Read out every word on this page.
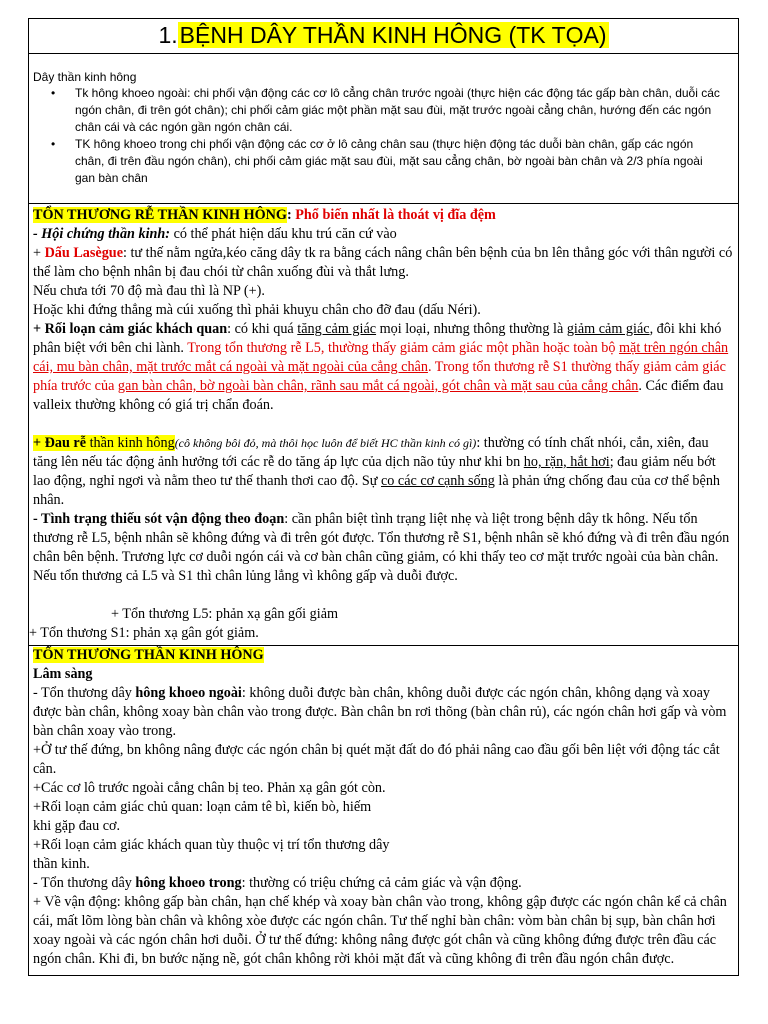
1.BỆNH DÂY THẦN KINH HÔNG (TK TỌA)
Dây thần kinh hông
• Tk hông khoeo ngoài: chi phối vận động các cơ lô cẳng chân trước ngoài (thực hiện các động tác gấp bàn chân, duỗi các ngón chân, đi trên gót chân); chi phối cảm giác một phần mặt sau đùi, mặt trước ngoài cẳng chân, hướng đến các ngón chân cái và các ngón gần ngón chân cái.
• TK hông khoeo trong chi phối vận động các cơ ở lô cảng chân sau (thực hiện động tác duỗi bàn chân, gấp các ngón chân, đi trên đầu ngón chân), chi phối cảm giác mặt sau đùi, mặt sau cẳng chân, bờ ngoài bàn chân và 2/3 phía ngoài gan bàn chân
TỔN THƯƠNG RỄ THẦN KINH HÔNG: Phổ biến nhất là thoát vị đĩa đệm
- Hội chứng thần kinh: có thể phát hiện dấu khu trú căn cứ vào
+ Dấu Lasègue: tư thế nằm ngửa,kéo căng dây tk ra bằng cách nâng chân bên bệnh của bn lên thẳng góc với thân người có thể làm cho bệnh nhân bị đau chói từ chân xuống đùi và thắt lưng.
Nếu chưa tới 70 độ mà đau thì là NP (+).
Hoặc khi đứng thẳng mà cúi xuống thì phải khuỵu chân cho đỡ đau (dấu Néri).
+ Rối loạn cảm giác khách quan: có khi quá tăng cảm giác mọi loại, nhưng thông thường là giảm cảm giác, đôi khi khó phân biệt với bên chi lành. Trong tổn thương rễ L5, thường thấy giảm cảm giác một phần hoặc toàn bộ mặt trên ngón chân cái, mu bàn chân, mặt trước mắt cá ngoài và mặt ngoài của cẳng chân. Trong tổn thương rễ S1 thường thấy giảm cảm giác phía trước của gan bàn chân, bờ ngoài bàn chân, rãnh sau mắt cá ngoài, gót chân và mặt sau của cẳng chân. Các điểm đau valleix thường không có giá trị chẩn đoán.
+ Đau rễ thần kinh hông(cô không bôi đỏ, mà thôi học luôn để biết HC thần kinh có gì): thường có tính chất nhói, cắn, xiên, đau tăng lên nếu tác động ảnh hưởng tới các rễ do tăng áp lực của dịch não tủy như khi bn ho, rặn, hắt hơi; đau giảm nếu bớt lao động, nghỉ ngơi và nằm theo tư thế thanh thơi cao độ. Sự co các cơ cạnh sống là phản ứng chống đau của cơ thể bệnh nhân.
- Tình trạng thiếu sót vận động theo đoạn: cần phân biệt tình trạng liệt nhẹ và liệt trong bệnh dây tk hông. Nếu tổn thương rễ L5, bệnh nhân sẽ không đứng và đi trên gót được. Tổn thương rễ S1, bệnh nhân sẽ khó đứng và đi trên đầu ngón chân bên bệnh. Trương lực cơ duỗi ngón cái và cơ bàn chân cũng giảm, có khi thấy teo cơ mặt trước ngoài của bàn chân. Nếu tổn thương cả L5 và S1 thì chân lủng lẳng vì không gấp và duỗi được.
+ Tổn thương L5: phản xạ gân gối giảm
+ Tổn thương S1: phản xạ gân gót giảm.
TỔN THƯƠNG THẦN KINH HÔNG
Lâm sàng
- Tổn thương dây hông khoeo ngoài: không duỗi được bàn chân, không duỗi được các ngón chân, không dạng và xoay được bàn chân, không xoay bàn chân vào trong được. Bàn chân bn rơi thõng (bàn chân rủ), các ngón chân hơi gấp và vòm bàn chân xoay vào trong.
+Ở tư thế đứng, bn không nâng được các ngón chân bị quét mặt đất do đó phải nâng cao đầu gối bên liệt với động tác cắt cân.
+Các cơ lô trước ngoài cẳng chân bị teo. Phản xạ gân gót còn.
+Rối loạn cảm giác chủ quan: loạn cảm tê bì, kiến bò, hiếm
khi gặp đau cơ.
+Rối loạn cảm giác khách quan tùy thuộc vị trí tổn thương dây
thần kinh.
- Tổn thương dây hông khoeo trong: thường có triệu chứng cả cảm giác và vận động.
+ Về vận động: không gấp bàn chân, hạn chế khép và xoay bàn chân vào trong, không gập được các ngón chân kể cả chân cái, mất lõm lòng bàn chân và không xòe được các ngón chân. Tư thế nghỉ bàn chân: vòm bàn chân bị sụp, bàn chân hơi xoay ngoài và các ngón chân hơi duỗi. Ở tư thế đứng: không nâng được gót chân và cũng không đứng được trên đầu các ngón chân. Khi đi, bn bước nặng nề, gót chân không rời khỏi mặt đất và cũng không đi trên đầu ngón chân được.
